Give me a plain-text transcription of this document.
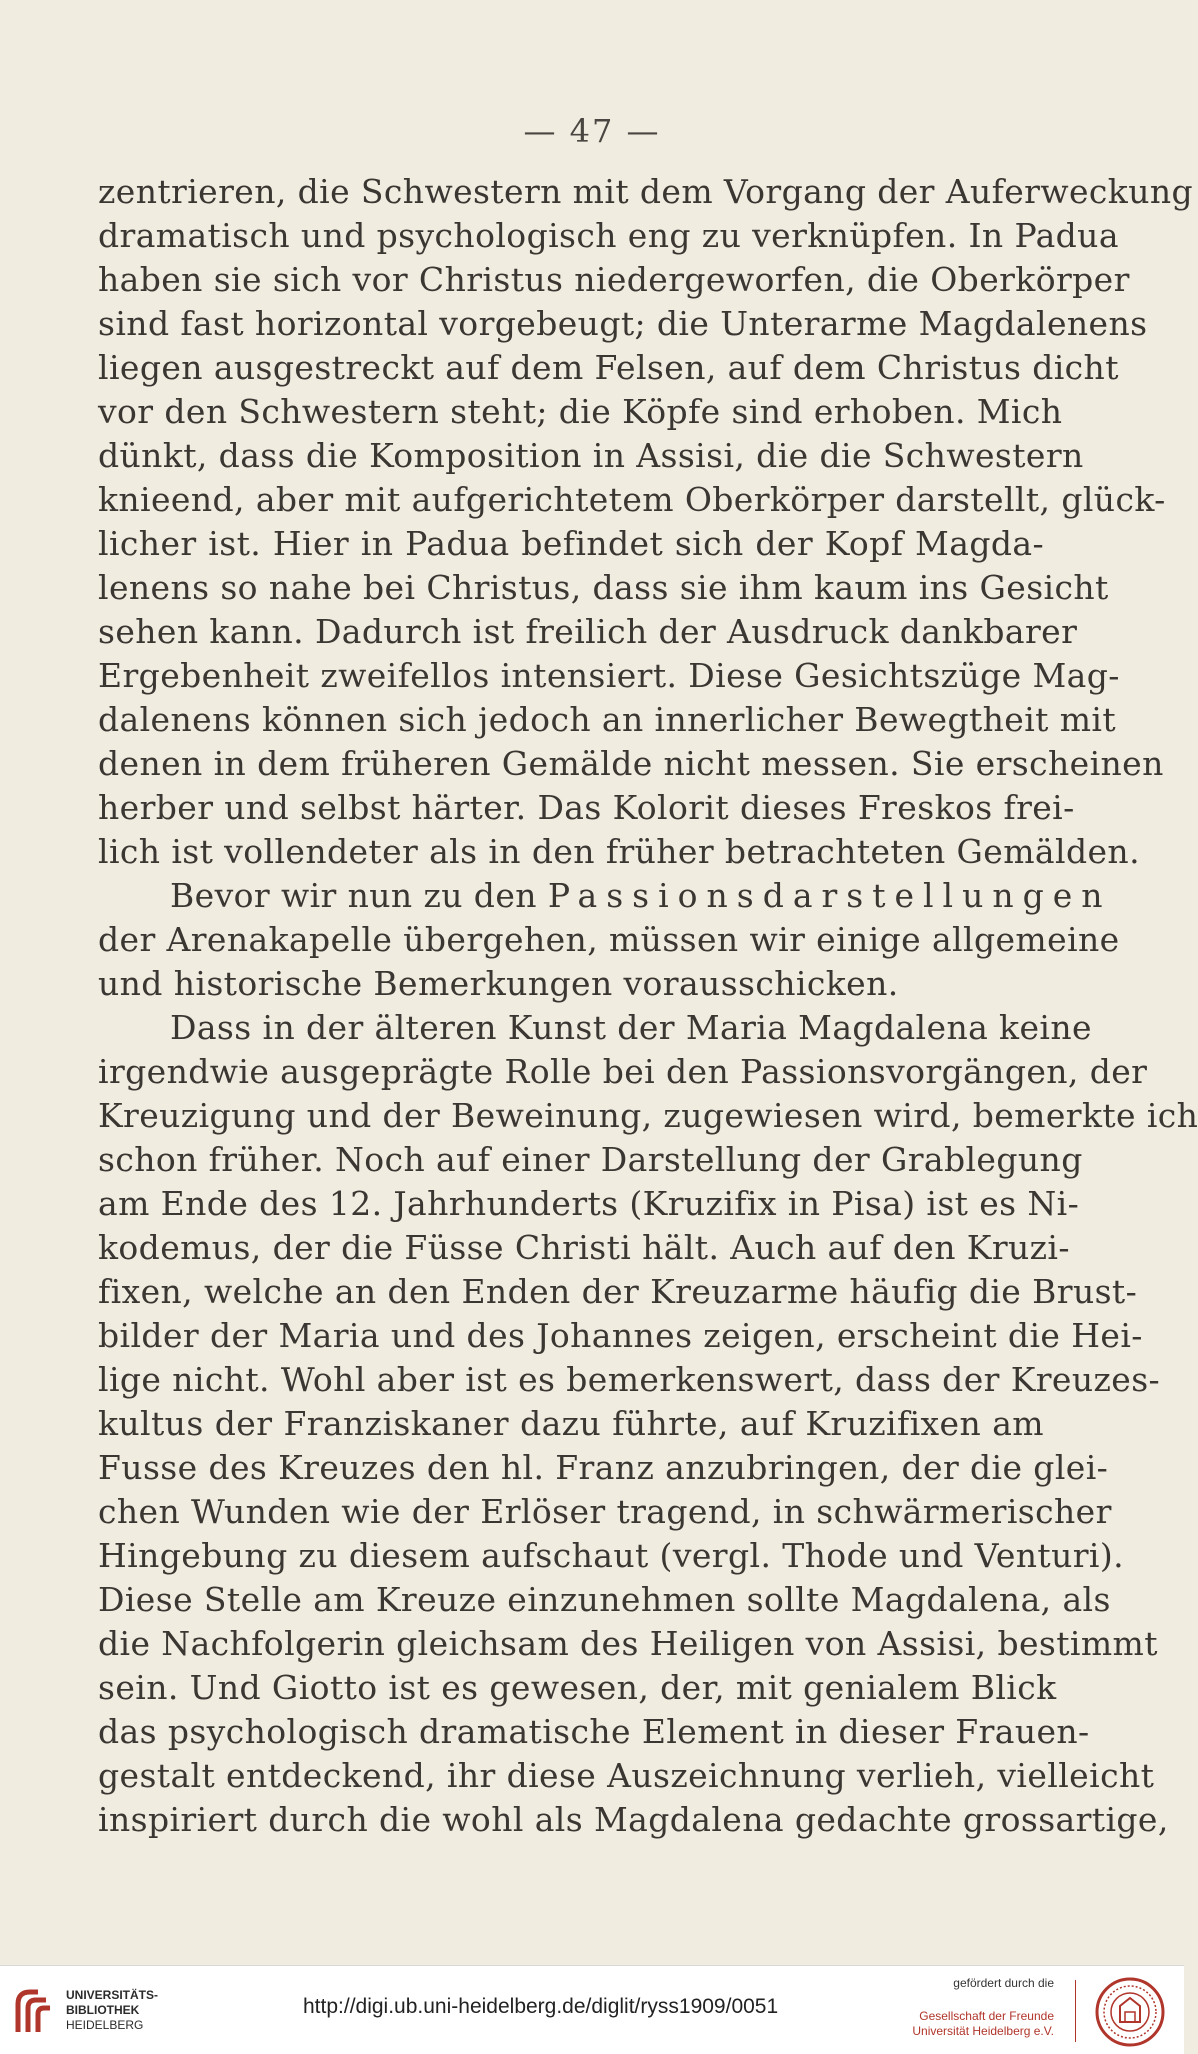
— 47 —
zentrieren, die Schwestern mit dem Vorgang der Auferweckung
dramatisch und psychologisch eng zu verknüpfen. In Padua
haben sie sich vor Christus niedergeworfen, die Oberkörper
sind fast horizontal vorgebeugt; die Unterarme Magdalenens
liegen ausgestreckt auf dem Felsen, auf dem Christus dicht
vor den Schwestern steht; die Köpfe sind erhoben. Mich
dünkt, dass die Komposition in Assisi, die die Schwestern
knieend, aber mit aufgerichtetem Oberkörper darstellt, glück-
licher ist. Hier in Padua befindet sich der Kopf Magda-
lenens so nahe bei Christus, dass sie ihm kaum ins Gesicht
sehen kann. Dadurch ist freilich der Ausdruck dankbarer
Ergebenheit zweifellos intensiert. Diese Gesichtszüge Mag-
dalenens können sich jedoch an innerlicher Bewegtheit mit
denen in dem früheren Gemälde nicht messen. Sie erscheinen
herber und selbst härter. Das Kolorit dieses Freskos frei-
lich ist vollendeter als in den früher betrachteten Gemälden.
Bevor wir nun zu den Passionsdarstellungen
der Arenakapelle übergehen, müssen wir einige allgemeine
und historische Bemerkungen vorausschicken.
Dass in der älteren Kunst der Maria Magdalena keine
irgendwie ausgeprägte Rolle bei den Passionsvorgängen, der
Kreuzigung und der Beweinung, zugewiesen wird, bemerkte ich
schon früher. Noch auf einer Darstellung der Grablegung
am Ende des 12. Jahrhunderts (Kruzifix in Pisa) ist es Ni-
kodemus, der die Füsse Christi hält. Auch auf den Kruzi-
fixen, welche an den Enden der Kreuzarme häufig die Brust-
bilder der Maria und des Johannes zeigen, erscheint die Hei-
lige nicht. Wohl aber ist es bemerkenswert, dass der Kreuzes-
kultus der Franziskaner dazu führte, auf Kruzifixen am
Fusse des Kreuzes den hl. Franz anzubringen, der die glei-
chen Wunden wie der Erlöser tragend, in schwärmerischer
Hingebung zu diesem aufschaut (vergl. Thode und Venturi).
Diese Stelle am Kreuze einzunehmen sollte Magdalena, als
die Nachfolgerin gleichsam des Heiligen von Assisi, bestimmt
sein. Und Giotto ist es gewesen, der, mit genialem Blick
das psychologisch dramatische Element in dieser Frauen-
gestalt entdeckend, ihr diese Auszeichnung verlieh, vielleicht
inspiriert durch die wohl als Magdalena gedachte grossartige,
UNIVERSITÄTS-
BIBLIOTHEK
HEIDELBERG
http://digi.ub.uni-heidelberg.de/diglit/ryss1909/0051
gefördert durch die
Gesellschaft der Freunde
Universität Heidelberg e.V.
